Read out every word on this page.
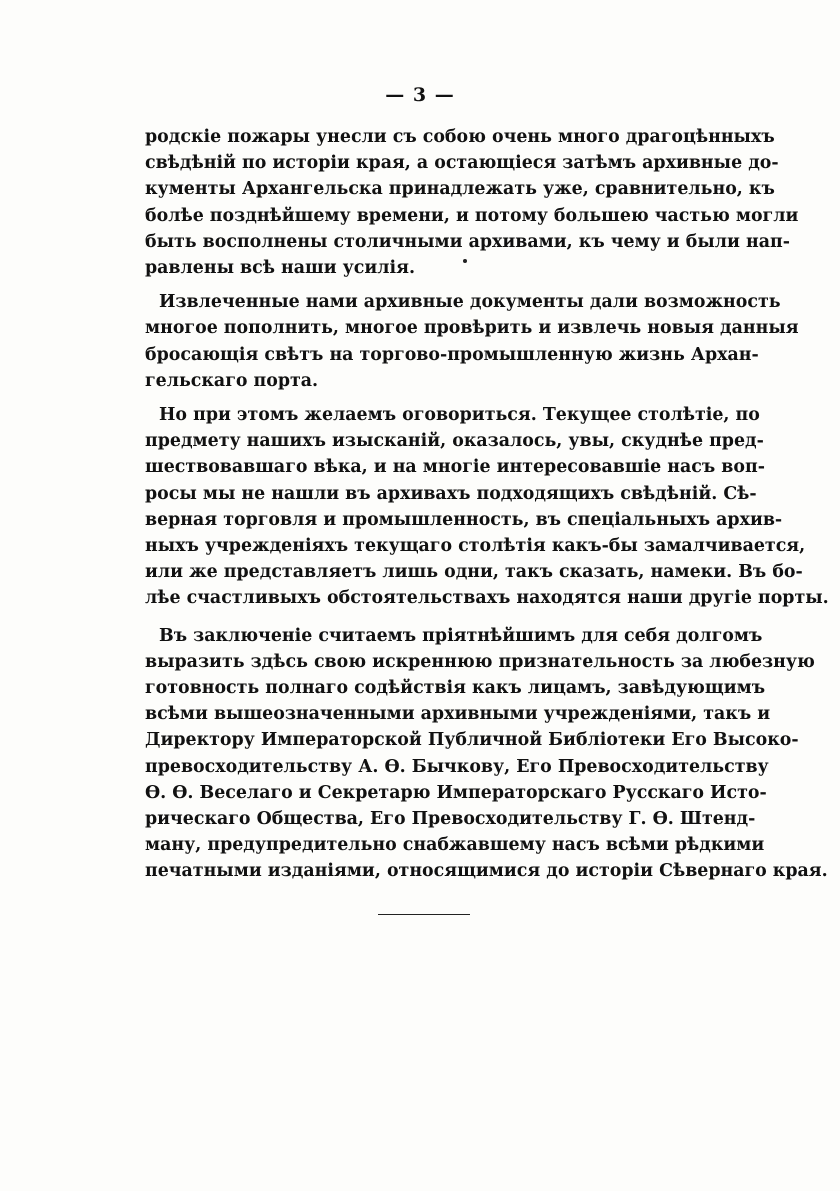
— 3 —
родскіе пожары унесли съ собою очень много драгоцѣнныхъ
свѣдѣній по исторіи края, а остающіеся затѣмъ архивные до-
кументы Архангельска принадлежать уже, сравнительно, къ
болѣе позднѣйшему времени, и потому большею частью могли
быть восполнены столичными архивами, къ чему и были нап-
равлены всѣ наши усилія.
Извлеченные нами архивные документы дали возможность
многое пополнить, многое провѣрить и извлечь новыя данныя
бросающія свѣтъ на торгово-промышленную жизнь Архан-
гельскаго порта.
Но при этомъ желаемъ оговориться. Текущее столѣтіе, по
предмету нашихъ изысканій, оказалось, увы, скуднѣе пред-
шествовавшаго вѣка, и на многіе интересовавшіе насъ воп-
росы мы не нашли въ архивахъ подходящихъ свѣдѣній. Сѣ-
верная торговля и промышленность, въ спеціальныхъ архив-
ныхъ учрежденіяхъ текущаго столѣтія какъ-бы замалчивается,
или же представляетъ лишь одни, такъ сказать, намеки. Въ бо-
лѣе счастливыхъ обстоятельствахъ находятся наши другіе порты.
Въ заключеніе считаемъ пріятнѣйшимъ для себя долгомъ
выразить здѣсь свою искреннюю признательность за любезную
готовность полнаго содѣйствія какъ лицамъ, завѣдующимъ
всѣми вышеозначенными архивными учрежденіями, такъ и
Директору Императорской Публичной Библіотеки Его Высоко-
превосходительству А. Ѳ. Бычкову, Его Превосходительству
Ѳ. Ѳ. Веселаго и Секретарю Императорскаго Русскаго Исто-
рическаго Общества, Его Превосходительству Г. Ѳ. Штенд-
ману, предупредительно снабжавшему насъ всѣми рѣдкими
печатными изданіями, относящимися до исторіи Сѣвернаго края.
